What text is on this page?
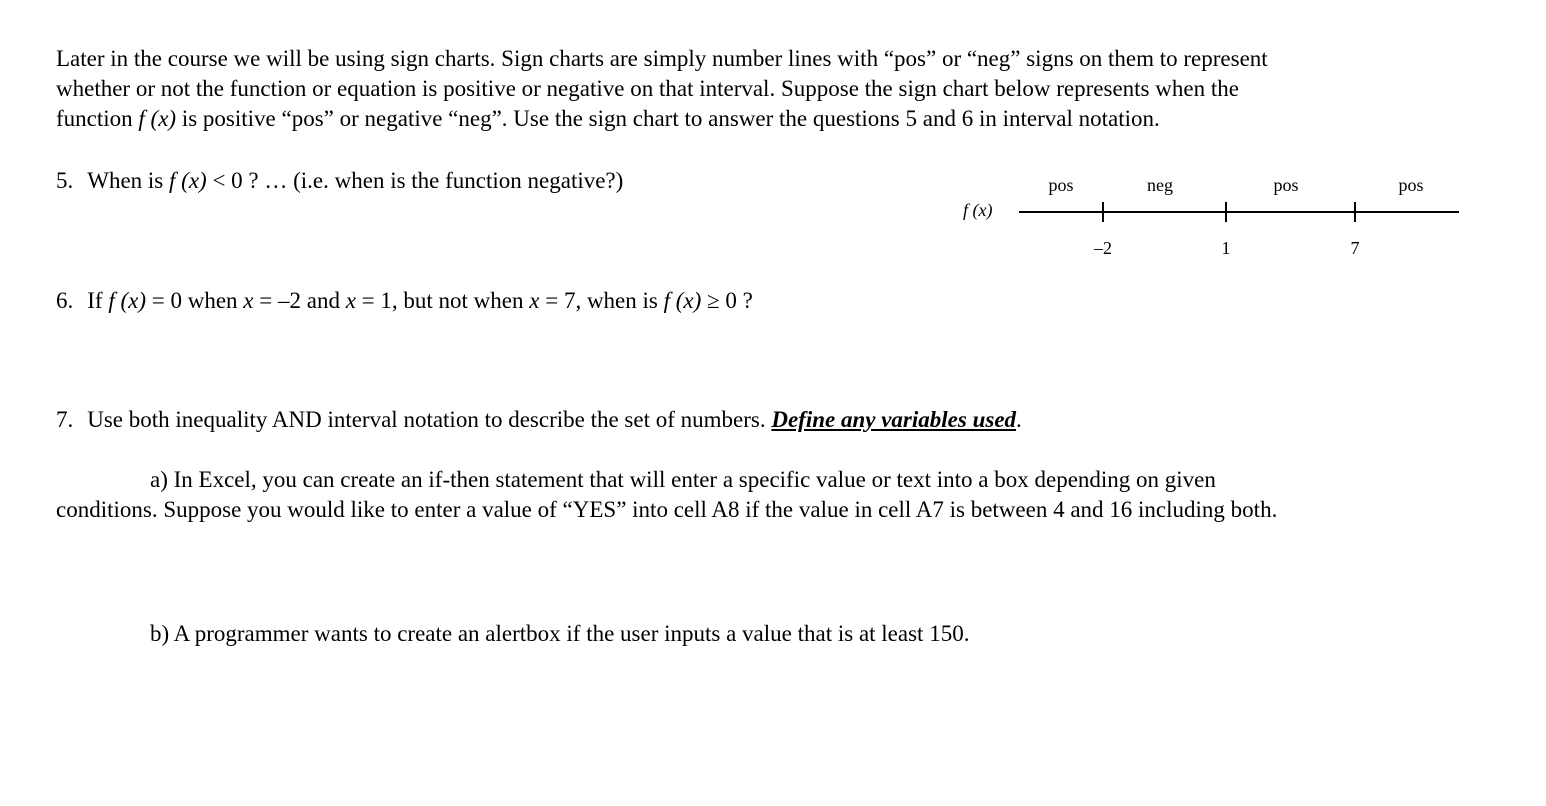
Later in the course we will be using sign charts. Sign charts are simply number lines with “pos” or “neg” signs on them to represent
whether or not the function or equation is positive or negative on that interval. Suppose the sign chart below represents when the
function f (x) is positive “pos” or negative “neg”. Use the sign chart to answer the questions 5 and 6 in interval notation.
5. When is f (x) < 0 ? … (i.e. when is the function negative?)
f (x)
pos	neg	pos	pos
–2	1	7
6. If f (x) = 0 when x = –2 and x = 1, but not when x = 7, when is f (x) ≥ 0 ?
7. Use both inequality AND interval notation to describe the set of numbers. Define any variables used.
a) In Excel, you can create an if-then statement that will enter a specific value or text into a box depending on given
conditions. Suppose you would like to enter a value of “YES” into cell A8 if the value in cell A7 is between 4 and 16 including both.
b) A programmer wants to create an alertbox if the user inputs a value that is at least 150.
